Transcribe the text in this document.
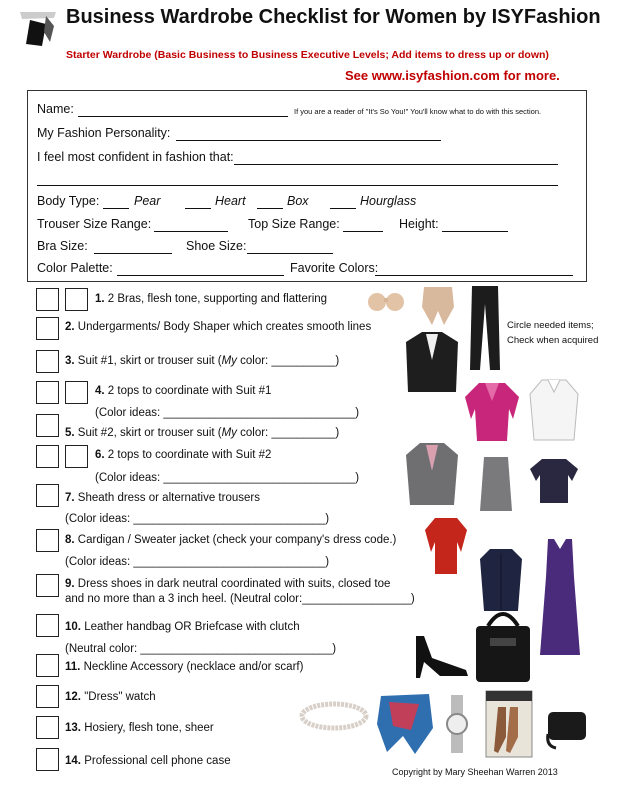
Business Wardrobe Checklist for Women by ISYFashion
Starter Wardrobe (Basic Business to Business Executive Levels; Add items to dress up or down)
See www.isyfashion.com for more.
Name:	If you are a reader of "It's So You!" You'll know what to do with this section.
My Fashion Personality:
I feel most confident in fashion that:
Body Type:	Pear	Heart	Box	Hourglass
Trouser Size Range:	Top Size Range:	Height:
Bra Size:	Shoe Size:
Color Palette:	Favorite Colors:
1. 2 Bras, flesh tone, supporting and flattering
2. Undergarments/ Body Shaper which creates smooth lines
3. Suit #1, skirt or trouser suit (My color: __________)
4. 2 tops to coordinate with Suit #1
(Color ideas: ______________________________)
5. Suit #2, skirt or trouser suit (My color: __________)
6. 2 tops to coordinate with Suit #2
(Color ideas: ______________________________)
7. Sheath dress or alternative trousers
(Color ideas: ______________________________)
8. Cardigan / Sweater jacket (check your company's dress code.)
(Color ideas: ______________________________)
9. Dress shoes in dark neutral coordinated with suits, closed toe
and no more than a 3 inch heel. (Neutral color:_________________)
10. Leather handbag OR Briefcase with clutch
(Neutral color: ______________________________)
11. Neckline Accessory (necklace and/or scarf)
12. "Dress" watch
13. Hosiery, flesh tone, sheer
14. Professional cell phone case
Circle needed items;
Check when acquired
Copyright by Mary Sheehan Warren 2013
